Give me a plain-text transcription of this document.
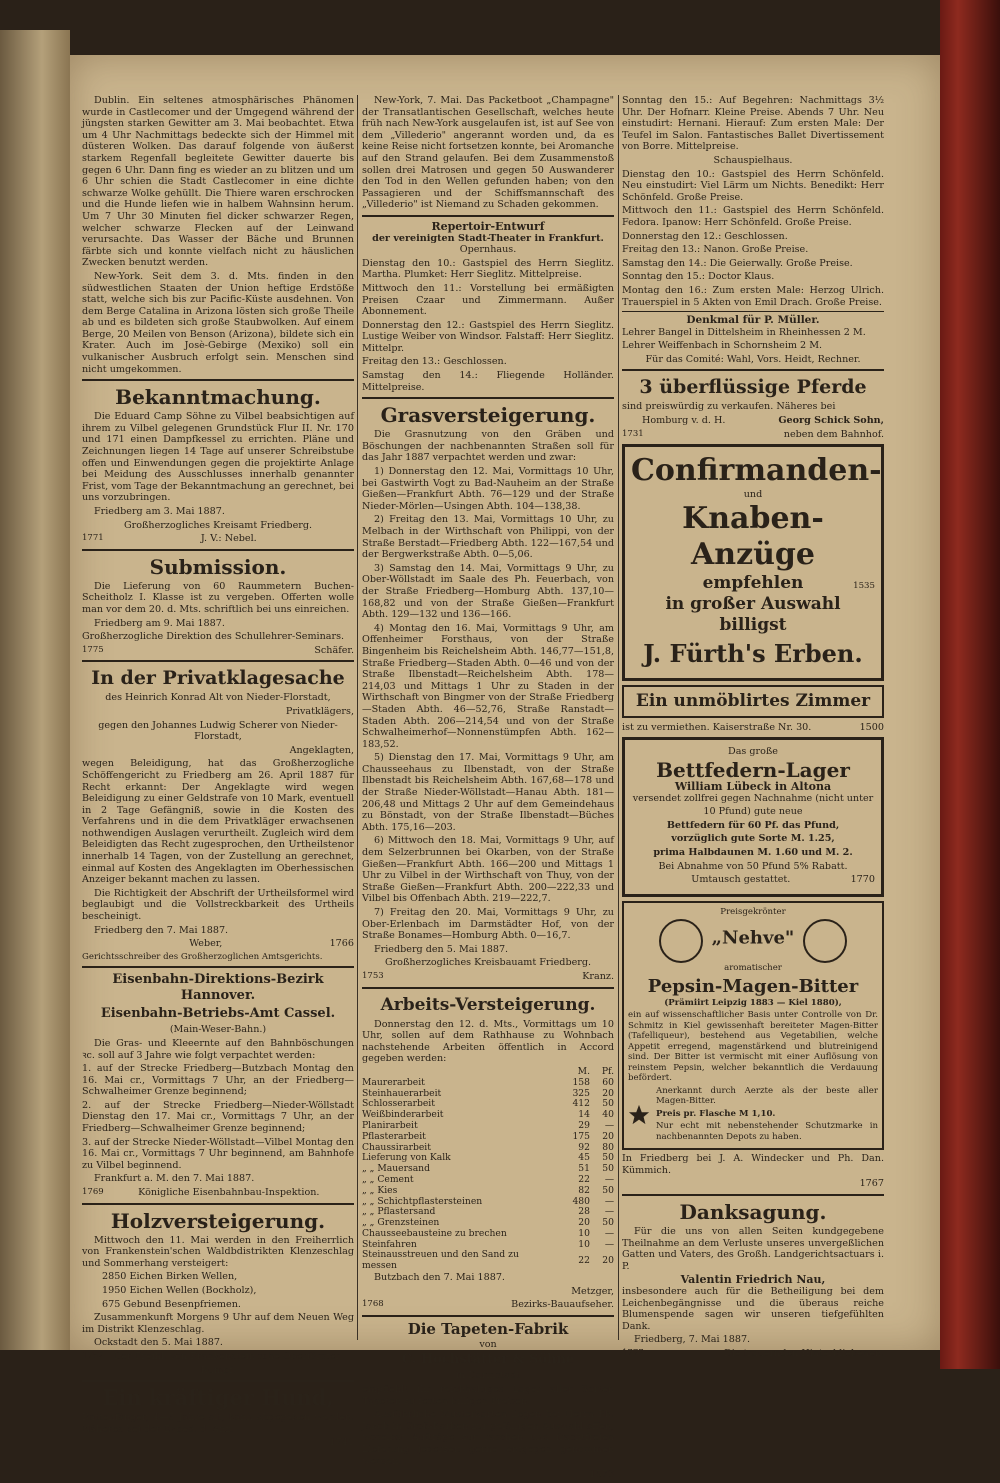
Dublin. Ein seltenes atmosphärisches Phänomen wurde in Castlecomer und der Umgegend während der jüngsten starken Gewitter am 3. Mai beobachtet. Etwa um 4 Uhr Nachmittags bedeckte sich der Himmel mit düsteren Wolken. Das darauf folgende von äußerst starkem Regenfall begleitete Gewitter dauerte bis gegen 6 Uhr. Dann fing es wieder an zu blitzen und um 6 Uhr schien die Stadt Castlecomer in eine dichte schwarze Wolke gehüllt. Die Thiere waren erschrocken und die Hunde liefen wie in halbem Wahnsinn herum. Um 7 Uhr 30 Minuten fiel dicker schwarzer Regen, welcher schwarze Flecken auf der Leinwand verursachte. Das Wasser der Bäche und Brunnen färbte sich und konnte vielfach nicht zu häuslichen Zwecken benutzt werden.

New-York. Seit dem 3. d. Mts. finden in den südwestlichen Staaten der Union heftige Erdstöße statt, welche sich bis zur Pacific-Küste ausdehnen. Von dem Berge Catalina in Arizona lösten sich große Theile ab und es bildeten sich große Staubwolken. Auf einem Berge, 20 Meilen von Benson (Arizona), bildete sich ein Krater. Auch im Josè-Gebirge (Mexiko) soll ein vulkanischer Ausbruch erfolgt sein. Menschen sind nicht umgekommen.

Bekanntmachung.

Die Eduard Camp Söhne zu Vilbel beabsichtigen auf ihrem zu Vilbel gelegenen Grundstück Flur II. Nr. 170 und 171 einen Dampfkessel zu errichten. Pläne und Zeichnungen liegen 14 Tage auf unserer Schreibstube offen und Einwendungen gegen die projektirte Anlage bei Meidung des Ausschlusses innerhalb genannter Frist, vom Tage der Bekanntmachung an gerechnet, bei uns vorzubringen.

Friedberg am 3. Mai 1887.

Großherzogliches Kreisamt Friedberg.

1771	J. V.: Nebel.

Submission.

Die Lieferung von 60 Raummetern Buchen-Scheitholz I. Klasse ist zu vergeben. Offerten wolle man vor dem 20. d. Mts. schriftlich bei uns einreichen.

Friedberg am 9. Mai 1887.

Großherzogliche Direktion des Schullehrer-Seminars.

1775	Schäfer.

In der Privatklagesache

des Heinrich Konrad Alt von Nieder-Florstadt,

Privatklägers,

gegen den Johannes Ludwig Scherer von Nieder-Florstadt,

Angeklagten,

wegen Beleidigung, hat das Großherzogliche Schöffengericht zu Friedberg am 26. April 1887 für Recht erkannt: Der Angeklagte wird wegen Beleidigung zu einer Geldstrafe von 10 Mark, eventuell in 2 Tage Gefängniß, sowie in die Kosten des Verfahrens und in die dem Privatkläger erwachsenen nothwendigen Auslagen verurtheilt. Zugleich wird dem Beleidigten das Recht zugesprochen, den Urtheilstenor innerhalb 14 Tagen, von der Zustellung an gerechnet, einmal auf Kosten des Angeklagten im Oberhessischen Anzeiger bekannt machen zu lassen.

Die Richtigkeit der Abschrift der Urtheilsformel wird beglaubigt und die Vollstreckbarkeit des Urtheils bescheinigt.

Friedberg den 7. Mai 1887.

Weber,	1766

Gerichtsschreiber des Großherzoglichen Amtsgerichts.

Eisenbahn-Direktions-Bezirk Hannover.
Eisenbahn-Betriebs-Amt Cassel.

(Main-Weser-Bahn.)

Die Gras- und Kleeernte auf den Bahnböschungen ꝛc. soll auf 3 Jahre wie folgt verpachtet werden:

1. auf der Strecke Friedberg—Butzbach Montag den 16. Mai cr., Vormittags 7 Uhr, an der Friedberg—Schwalheimer Grenze beginnend;

2. auf der Strecke Friedberg—Nieder-Wöllstadt Dienstag den 17. Mai cr., Vormittags 7 Uhr, an der Friedberg—Schwalheimer Grenze beginnend;

3. auf der Strecke Nieder-Wöllstadt—Vilbel Montag den 16. Mai cr., Vormittags 7 Uhr beginnend, am Bahnhofe zu Vilbel beginnend.

Frankfurt a. M. den 7. Mai 1887.

1769	Königliche Eisenbahnbau-Inspektion.

Holzversteigerung.

Mittwoch den 11. Mai werden in den Freiherrlich von Frankenstein'schen Waldbdistrikten Klenzeschlag und Sommerhang versteigert:

2850 Eichen Birken Wellen,

1950 Eichen Wellen (Bockholz),

675 Gebund Besenpfriemen.

Zusammenkunft Morgens 9 Uhr auf dem Neuen Weg im Distrikt Klenzeschlag.

Ockstadt den 5. Mai 1887.

1752 Der Freihl. von Frankenstein'sche Oberförster

Rumpf.

Ein kräftiger Hund,

Rattenfänger, 4—5 Jahre alt, kann abgegeben werden. Näheres bei der Exped. d. Anz.

1741

New-York, 7. Mai. Das Packetboot „Champagne" der Transatlantischen Gesellschaft, welches heute früh nach New-York ausgelaufen ist, ist auf See von dem „Villederio" angerannt worden und, da es keine Reise nicht fortsetzen konnte, bei Aromanche auf den Strand gelaufen. Bei dem Zusammenstoß sollen drei Matrosen und gegen 50 Auswanderer den Tod in den Wellen gefunden haben; von den Passagieren und der Schiffsmannschaft des „Villederio" ist Niemand zu Schaden gekommen.

Repertoir-Entwurf
der vereinigten Stadt-Theater in Frankfurt.

Opernhaus.

Dienstag den 10.: Gastspiel des Herrn Sieglitz. Martha. Plumket: Herr Sieglitz. Mittelpreise.

Mittwoch den 11.: Vorstellung bei ermäßigten Preisen Czaar und Zimmermann. Außer Abonnement.

Donnerstag den 12.: Gastspiel des Herrn Sieglitz. Lustige Weiber von Windsor. Falstaff: Herr Sieglitz. Mittelpr.

Freitag den 13.: Geschlossen.

Samstag den 14.: Fliegende Holländer. Mittelpreise.

Grasversteigerung.

Die Grasnutzung von den Gräben und Böschungen der nachbenannten Straßen soll für das Jahr 1887 verpachtet werden und zwar:

1) Donnerstag den 12. Mai, Vormittags 10 Uhr, bei Gastwirth Vogt zu Bad-Nauheim an der Straße Gießen—Frankfurt Abth. 76—129 und der Straße Nieder-Mörlen—Usingen Abth. 104—138,38.

2) Freitag den 13. Mai, Vormittags 10 Uhr, zu Melbach in der Wirthschaft von Philippi, von der Straße Berstadt—Friedberg Abth. 122—167,54 und der Bergwerkstraße Abth. 0—5,06.

3) Samstag den 14. Mai, Vormittags 9 Uhr, zu Ober-Wöllstadt im Saale des Ph. Feuerbach, von der Straße Friedberg—Homburg Abth. 137,10—168,82 und von der Straße Gießen—Frankfurt Abth. 129—132 und 136—166.

4) Montag den 16. Mai, Vormittags 9 Uhr, am Offenheimer Forsthaus, von der Straße Bingenheim bis Reichelsheim Abth. 146,77—151,8, Straße Friedberg—Staden Abth. 0—46 und von der Straße Ilbenstadt—Reichelsheim Abth. 178—214,03 und Mittags 1 Uhr zu Staden in der Wirthschaft von Bingmer von der Straße Friedberg—Staden Abth. 46—52,76, Straße Ranstadt—Staden Abth. 206—214,54 und von der Straße Schwalheimerhof—Nonnenstümpfen Abth. 162—183,52.

5) Dienstag den 17. Mai, Vormittags 9 Uhr, am Chausseehaus zu Ilbenstadt, von der Straße Ilbenstadt bis Reichelsheim Abth. 167,68—178 und der Straße Nieder-Wöllstadt—Hanau Abth. 181—206,48 und Mittags 2 Uhr auf dem Gemeindehaus zu Bönstadt, von der Straße Ilbenstadt—Büches Abth. 175,16—203.

6) Mittwoch den 18. Mai, Vormittags 9 Uhr, auf dem Selzerbrunnen bei Okarben, von der Straße Gießen—Frankfurt Abth. 166—200 und Mittags 1 Uhr zu Vilbel in der Wirthschaft von Thuy, von der Straße Gießen—Frankfurt Abth. 200—222,33 und Vilbel bis Offenbach Abth. 219—222,7.

7) Freitag den 20. Mai, Vormittags 9 Uhr, zu Ober-Erlenbach im Darmstädter Hof, von der Straße Bonames—Homburg Abth. 0—16,7.

Friedberg den 5. Mai 1887.

Großherzogliches Kreisbauamt Friedberg.

1753	Kranz.

Arbeits-Versteigerung.

Donnerstag den 12. d. Mts., Vormittags um 10 Uhr, sollen auf dem Rathhause zu Wohnbach nachstehende Arbeiten öffentlich in Accord gegeben werden:

	M.	Pf.
Maurerarbeit	158	60
Steinhauerarbeit	325	20
Schlosserarbeit	412	50
Weißbinderarbeit	14	40
Planirarbeit	29	—
Pflasterarbeit	175	20
Chaussirarbeit	92	80
Lieferung von Kalk	45	50
„ „ Mauersand	51	50
„ „ Cement	22	—
„ „ Kies	82	50
„ „ Schichtpflastersteinen	480	—
„ „ Pflastersand	28	—
„ „ Grenzsteinen	20	50
Chausseebausteine zu brechen	10	—
Steinfahren	10	—
Steinausstreuen und den Sand zu messen	22	20

Butzbach den 7. Mai 1887.

Metzger,

1768	Bezirks-Bauaufseher.

Die Tapeten-Fabrik

von

C. Hochstätter & Söhne

in Darmstadt

empfiehlt ihr reichhaltiges Lager aller Sorten Tapeten zu festen billigen Preisen.

Ausführliche Musterkarten liegen bei Herrn Ph. Jakob in Groß-Karben zur gefälligen Auswahl offen, woselbst Aufträge zur raschen und frachtfreien Lieferung jederzeit gerne entgegen genommen werden.

1578

Sonntag den 15.: Auf Begehren: Nachmittags 3½ Uhr. Der Hofnarr. Kleine Preise. Abends 7 Uhr. Neu einstudirt: Hernani. Hierauf: Zum ersten Male: Der Teufel im Salon. Fantastisches Ballet Divertissement von Borre. Mittelpreise.

Schauspielhaus.

Dienstag den 10.: Gastspiel des Herrn Schönfeld. Neu einstudirt: Viel Lärm um Nichts. Benedikt: Herr Schönfeld. Große Preise.

Mittwoch den 11.: Gastspiel des Herrn Schönfeld. Fedora. Ipanow: Herr Schönfeld. Große Preise.

Donnerstag den 12.: Geschlossen.

Freitag den 13.: Nanon. Große Preise.

Samstag den 14.: Die Geierwally. Große Preise.

Sonntag den 15.: Doctor Klaus.

Montag den 16.: Zum ersten Male: Herzog Ulrich. Trauerspiel in 5 Akten von Emil Drach. Große Preise.

Denkmal für P. Müller.

Lehrer Bangel in Dittelsheim in Rheinhessen 2 M.

Lehrer Weiffenbach in Schornsheim 2 M.

Für das Comité: Wahl, Vors. Heidt, Rechner.

3 überflüssige Pferde

sind preiswürdig zu verkaufen. Näheres bei

Homburg v. d. H.	Georg Schick Sohn,

1731	neben dem Bahnhof.

Confirmanden-
und
Knaben-Anzüge
empfehlen	1535
in großer Auswahl billigst
J. Fürth's Erben.
Ein unmöblirtes Zimmer

ist zu vermiethen. Kaiserstraße Nr. 30.	1500

Das große

Bettfedern-Lager
William Lübeck in Altona

versendet zollfrei gegen Nachnahme (nicht unter

10 Pfund) gute neue

Bettfedern für 60 Pf. das Pfund,

vorzüglich gute Sorte M. 1.25,

prima Halbdaunen M. 1.60 und M. 2.

Bei Abnahme von 50 Pfund 5% Rabatt.

Umtausch gestattet.	1770

Preisgekrönter

„Nehve"

aromatischer

Pepsin-Magen-Bitter

(Prämiirt Leipzig 1883 — Kiel 1880),

ein auf wissenschaftlicher Basis unter Controlle von Dr. Schmitz in Kiel gewissenhaft bereiteter Magen-Bitter (Tafelliqueur), bestehend aus Vegetabilien, welche Appetit erregend, magenstärkend und blutreinigend sind. Der Bitter ist vermischt mit einer Auflösung von reinstem Pepsin, welcher bekanntlich die Verdauung befördert.

Anerkannt durch Aerzte als der beste aller Magen-Bitter.

Preis pr. Flasche M 1,10.

Nur echt mit nebenstehender Schutzmarke in nachbenannten Depots zu haben.

In Friedberg bei J. A. Windecker und Ph. Dan. Kümmich.

1767

Danksagung.

Für die uns von allen Seiten kundgegebene Theilnahme an dem Verluste unseres unvergeßlichen Gatten und Vaters, des Großh. Landgerichtsactuars i. P.

Valentin Friedrich Nau,

insbesondere auch für die Betheiligung bei dem Leichenbegängnisse und die überaus reiche Blumenspende sagen wir unseren tiefgefühlten Dank.

Friedberg, 7. Mai 1887.

1777	Die trauernden Hinterbliebenen.
